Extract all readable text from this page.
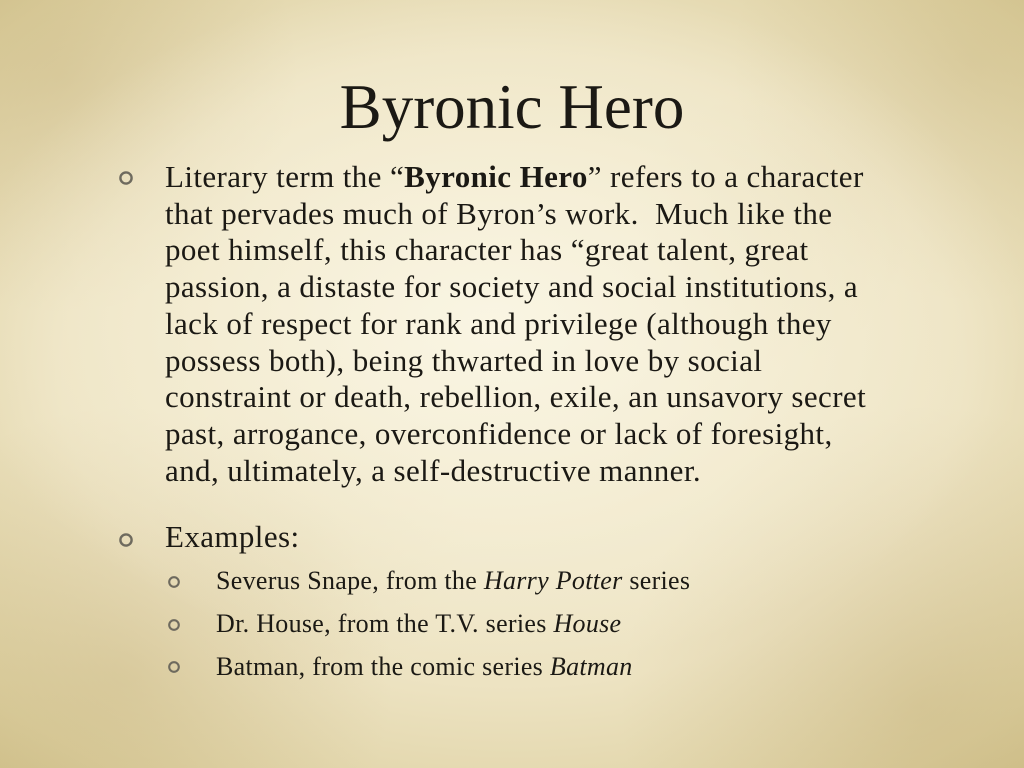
Byronic Hero
Literary term the “Byronic Hero” refers to a character
that pervades much of Byron’s work.  Much like the
poet himself, this character has “great talent, great
passion, a distaste for society and social institutions, a
lack of respect for rank and privilege (although they
possess both), being thwarted in love by social
constraint or death, rebellion, exile, an unsavory secret
past, arrogance, overconfidence or lack of foresight,
and, ultimately, a self-destructive manner.
Examples:
Severus Snape, from the Harry Potter series
Dr. House, from the T.V. series House
Batman, from the comic series Batman
